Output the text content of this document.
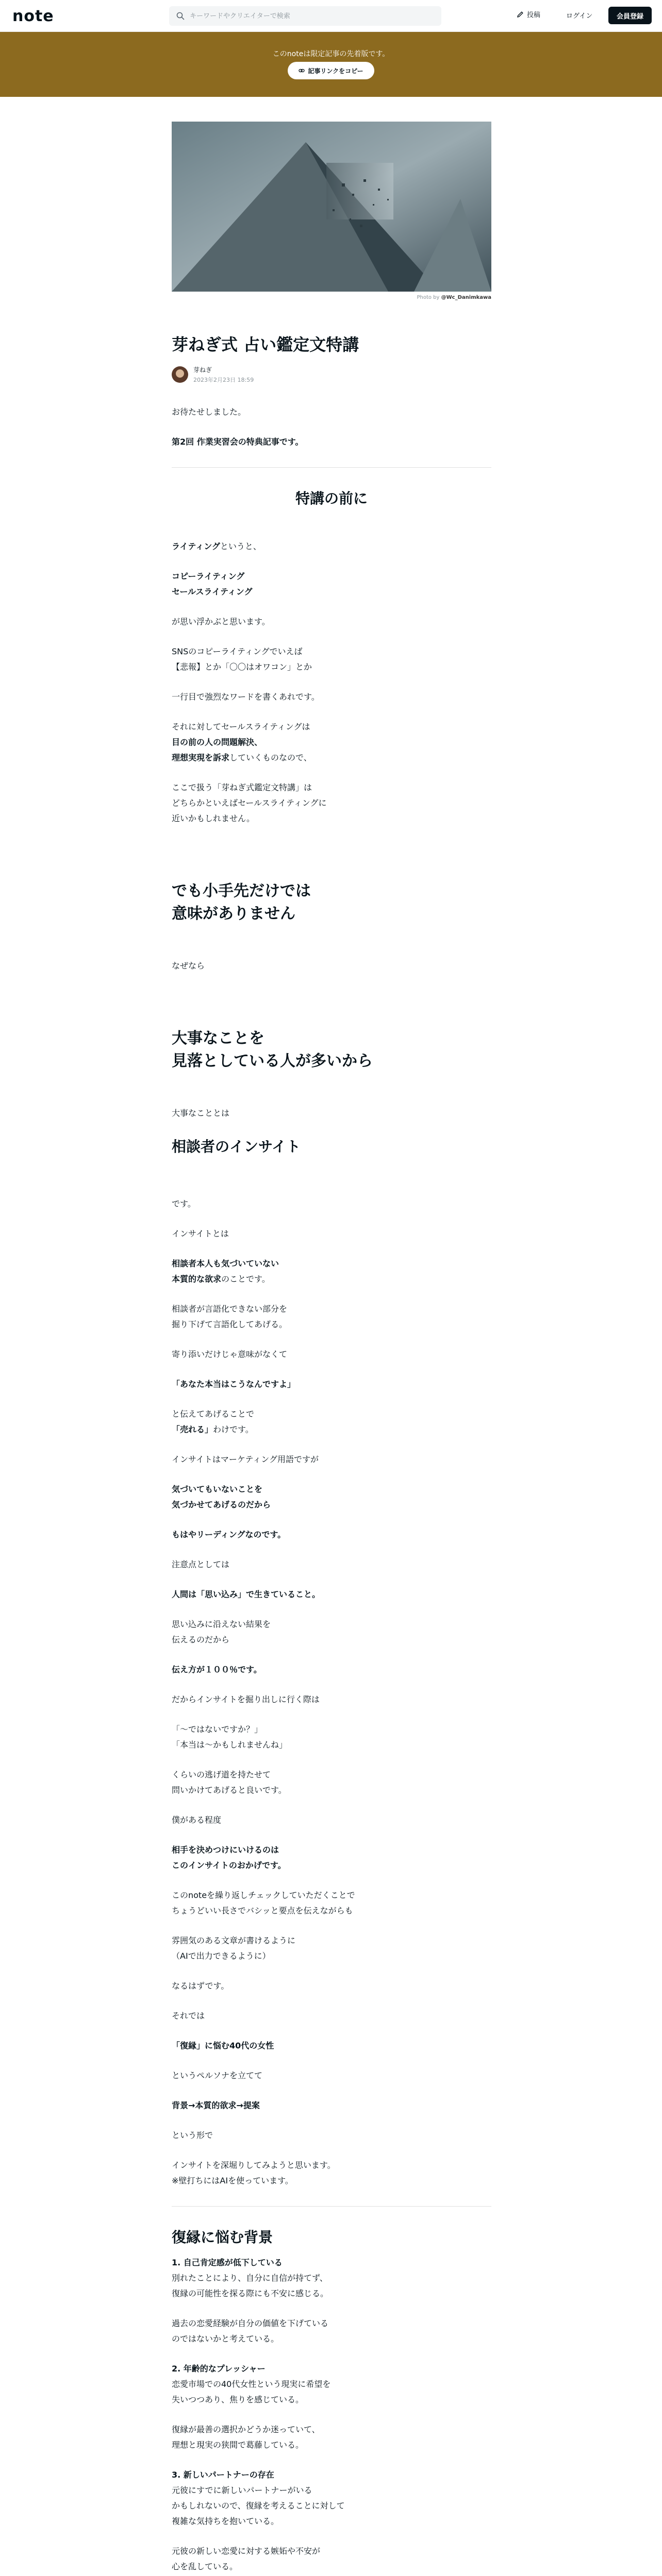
note
キーワードやクリエイターで検索	投稿	ログイン	会員登録
このnoteは限定記事の先着版です。
記事リンクをコピー
Photo by @Wc_Danimkawa
芽ねぎ式 占い鑑定文特講
芽ねぎ
2023年2月23日 18:59

お待たせしました。

第2回 作業実習会の特典記事です。

特講の前に

ライティングというと、

コピーライティング
セールスライティング

が思い浮かぶと思います。

SNSのコピーライティングでいえば
【悲報】とか「〇〇はオワコン」とか

一行目で強烈なワードを書くあれです。

それに対してセールスライティングは
目の前の人の問題解決、
理想実現を訴求していくものなので、

ここで扱う「芽ねぎ式鑑定文特講」は
どちらかといえばセールスライティングに
近いかもしれません。

でも小手先だけでは
意味がありません

なぜなら

大事なことを
見落としている人が多いから

大事なこととは

相談者のインサイト

です。

インサイトとは

相談者本人も気づいていない
本質的な欲求のことです。

相談者が言語化できない部分を
掘り下げて言語化してあげる。

寄り添いだけじゃ意味がなくて

「あなた本当はこうなんですよ」

と伝えてあげることで
「売れる」わけです。

インサイトはマーケティング用語ですが

気づいてもいないことを
気づかせてあげるのだから

もはやリーディングなのです。

注意点としては

人間は「思い込み」で生きていること。

思い込みに沿えない結果を
伝えるのだから

伝え方が１００％です。

だからインサイトを掘り出しに行く際は

「〜ではないですか？」
「本当は〜かもしれませんね」

くらいの逃げ道を持たせて
問いかけてあげると良いです。

僕がある程度

相手を決めつけにいけるのは
このインサイトのおかげです。

このnoteを繰り返しチェックしていただくことで
ちょうどいい長さでバシッと要点を伝えながらも

雰囲気のある文章が書けるように
（AIで出力できるように）

なるはずです。

それでは

「復縁」に悩む40代の女性

というペルソナを立てて

背景→本質的欲求→提案

という形で

インサイトを深堀りしてみようと思います。
※壁打ちにはAIを使っています。

復縁に悩む背景

1. 自己肯定感が低下している

別れたことにより、自分に自信が持てず、
復縁の可能性を探る際にも不安に感じる。

過去の恋愛経験が自分の価値を下げている
のではないかと考えている。

2. 年齢的なプレッシャー

恋愛市場での40代女性という現実に希望を
失いつつあり、焦りを感じている。

復縁が最善の選択かどうか迷っていて、
理想と現実の狭間で葛藤している。

3. 新しいパートナーの存在

元彼にすでに新しいパートナーがいる
かもしれないので、復縁を考えることに対して
複雑な気持ちを抱いている。

元彼の新しい恋愛に対する嫉妬や不安が
心を乱している。
